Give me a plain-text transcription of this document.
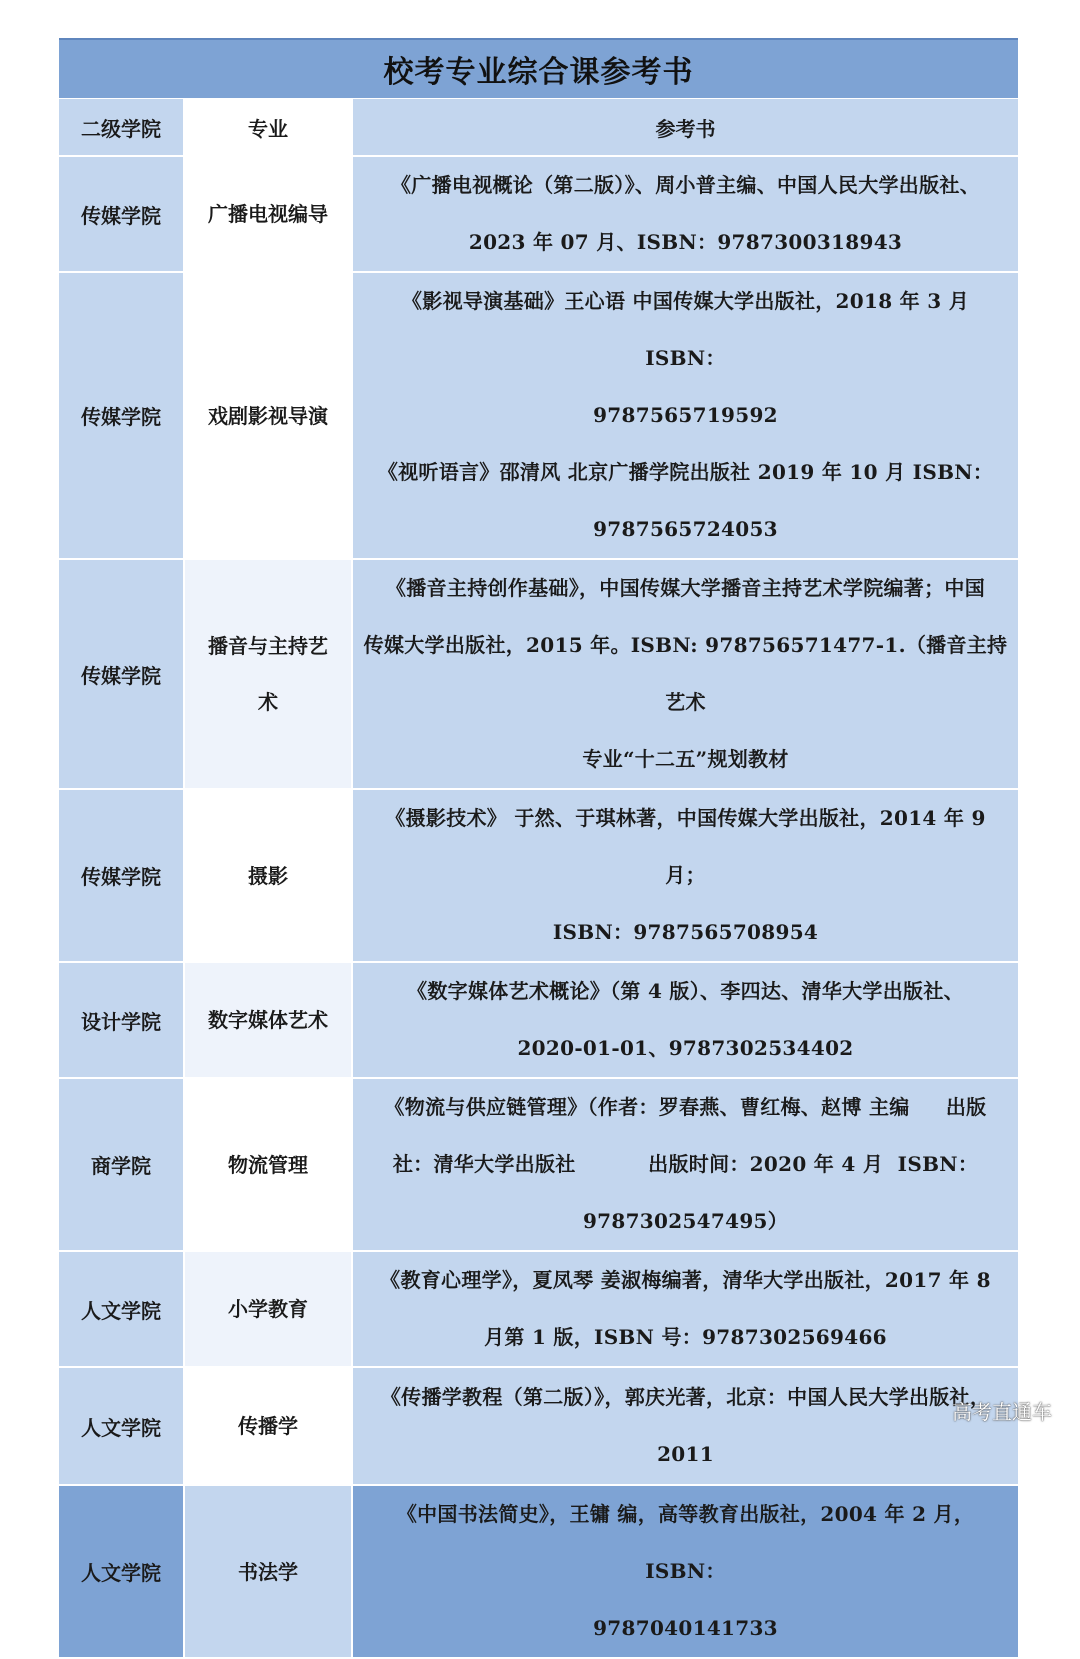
校考专业综合课参考书
二级学院	专业	参考书
传媒学院	广播电视编导	《广播电视概论（第二版）》、周小普主编、中国人民大学出版社、
2023 年 07 月、ISBN：9787300318943

传媒学院	戏剧影视导演	《影视导演基础》王心语 中国传媒大学出版社，2018 年 3 月 ISBN：
9787565719592
《视听语言》邵清风 北京广播学院出版社 2019 年 10 月 ISBN：
9787565724053

传媒学院	播音与主持艺术	《播音主持创作基础》，中国传媒大学播音主持艺术学院编著；中国
传媒大学出版社，2015 年。ISBN: 978756571477-1.（播音主持艺术
专业“十二五”规划教材

传媒学院	摄影	《摄影技术》 于然、于琪林著，中国传媒大学出版社，2014 年 9 月；
ISBN：9787565708954

设计学院	数字媒体艺术	《数字媒体艺术概论》（第 4 版）、李四达、清华大学出版社、
2020-01-01、9787302534402

商学院	物流管理	《物流与供应链管理》（作者：罗春燕、曹红梅、赵博 主编     出版
社：清华大学出版社          出版时间：2020 年 4 月  ISBN：
9787302547495）

人文学院	小学教育	《教育心理学》，夏凤琴 姜淑梅编著，清华大学出版社，2017 年 8
月第 1 版，ISBN 号：9787302569466

人文学院	传播学	《传播学教程（第二版）》，郭庆光著，北京：中国人民大学出版社，
2011

人文学院	书法学	《中国书法简史》，王镛 编，高等教育出版社，2004 年 2 月，ISBN：
9787040141733
高考直通车
